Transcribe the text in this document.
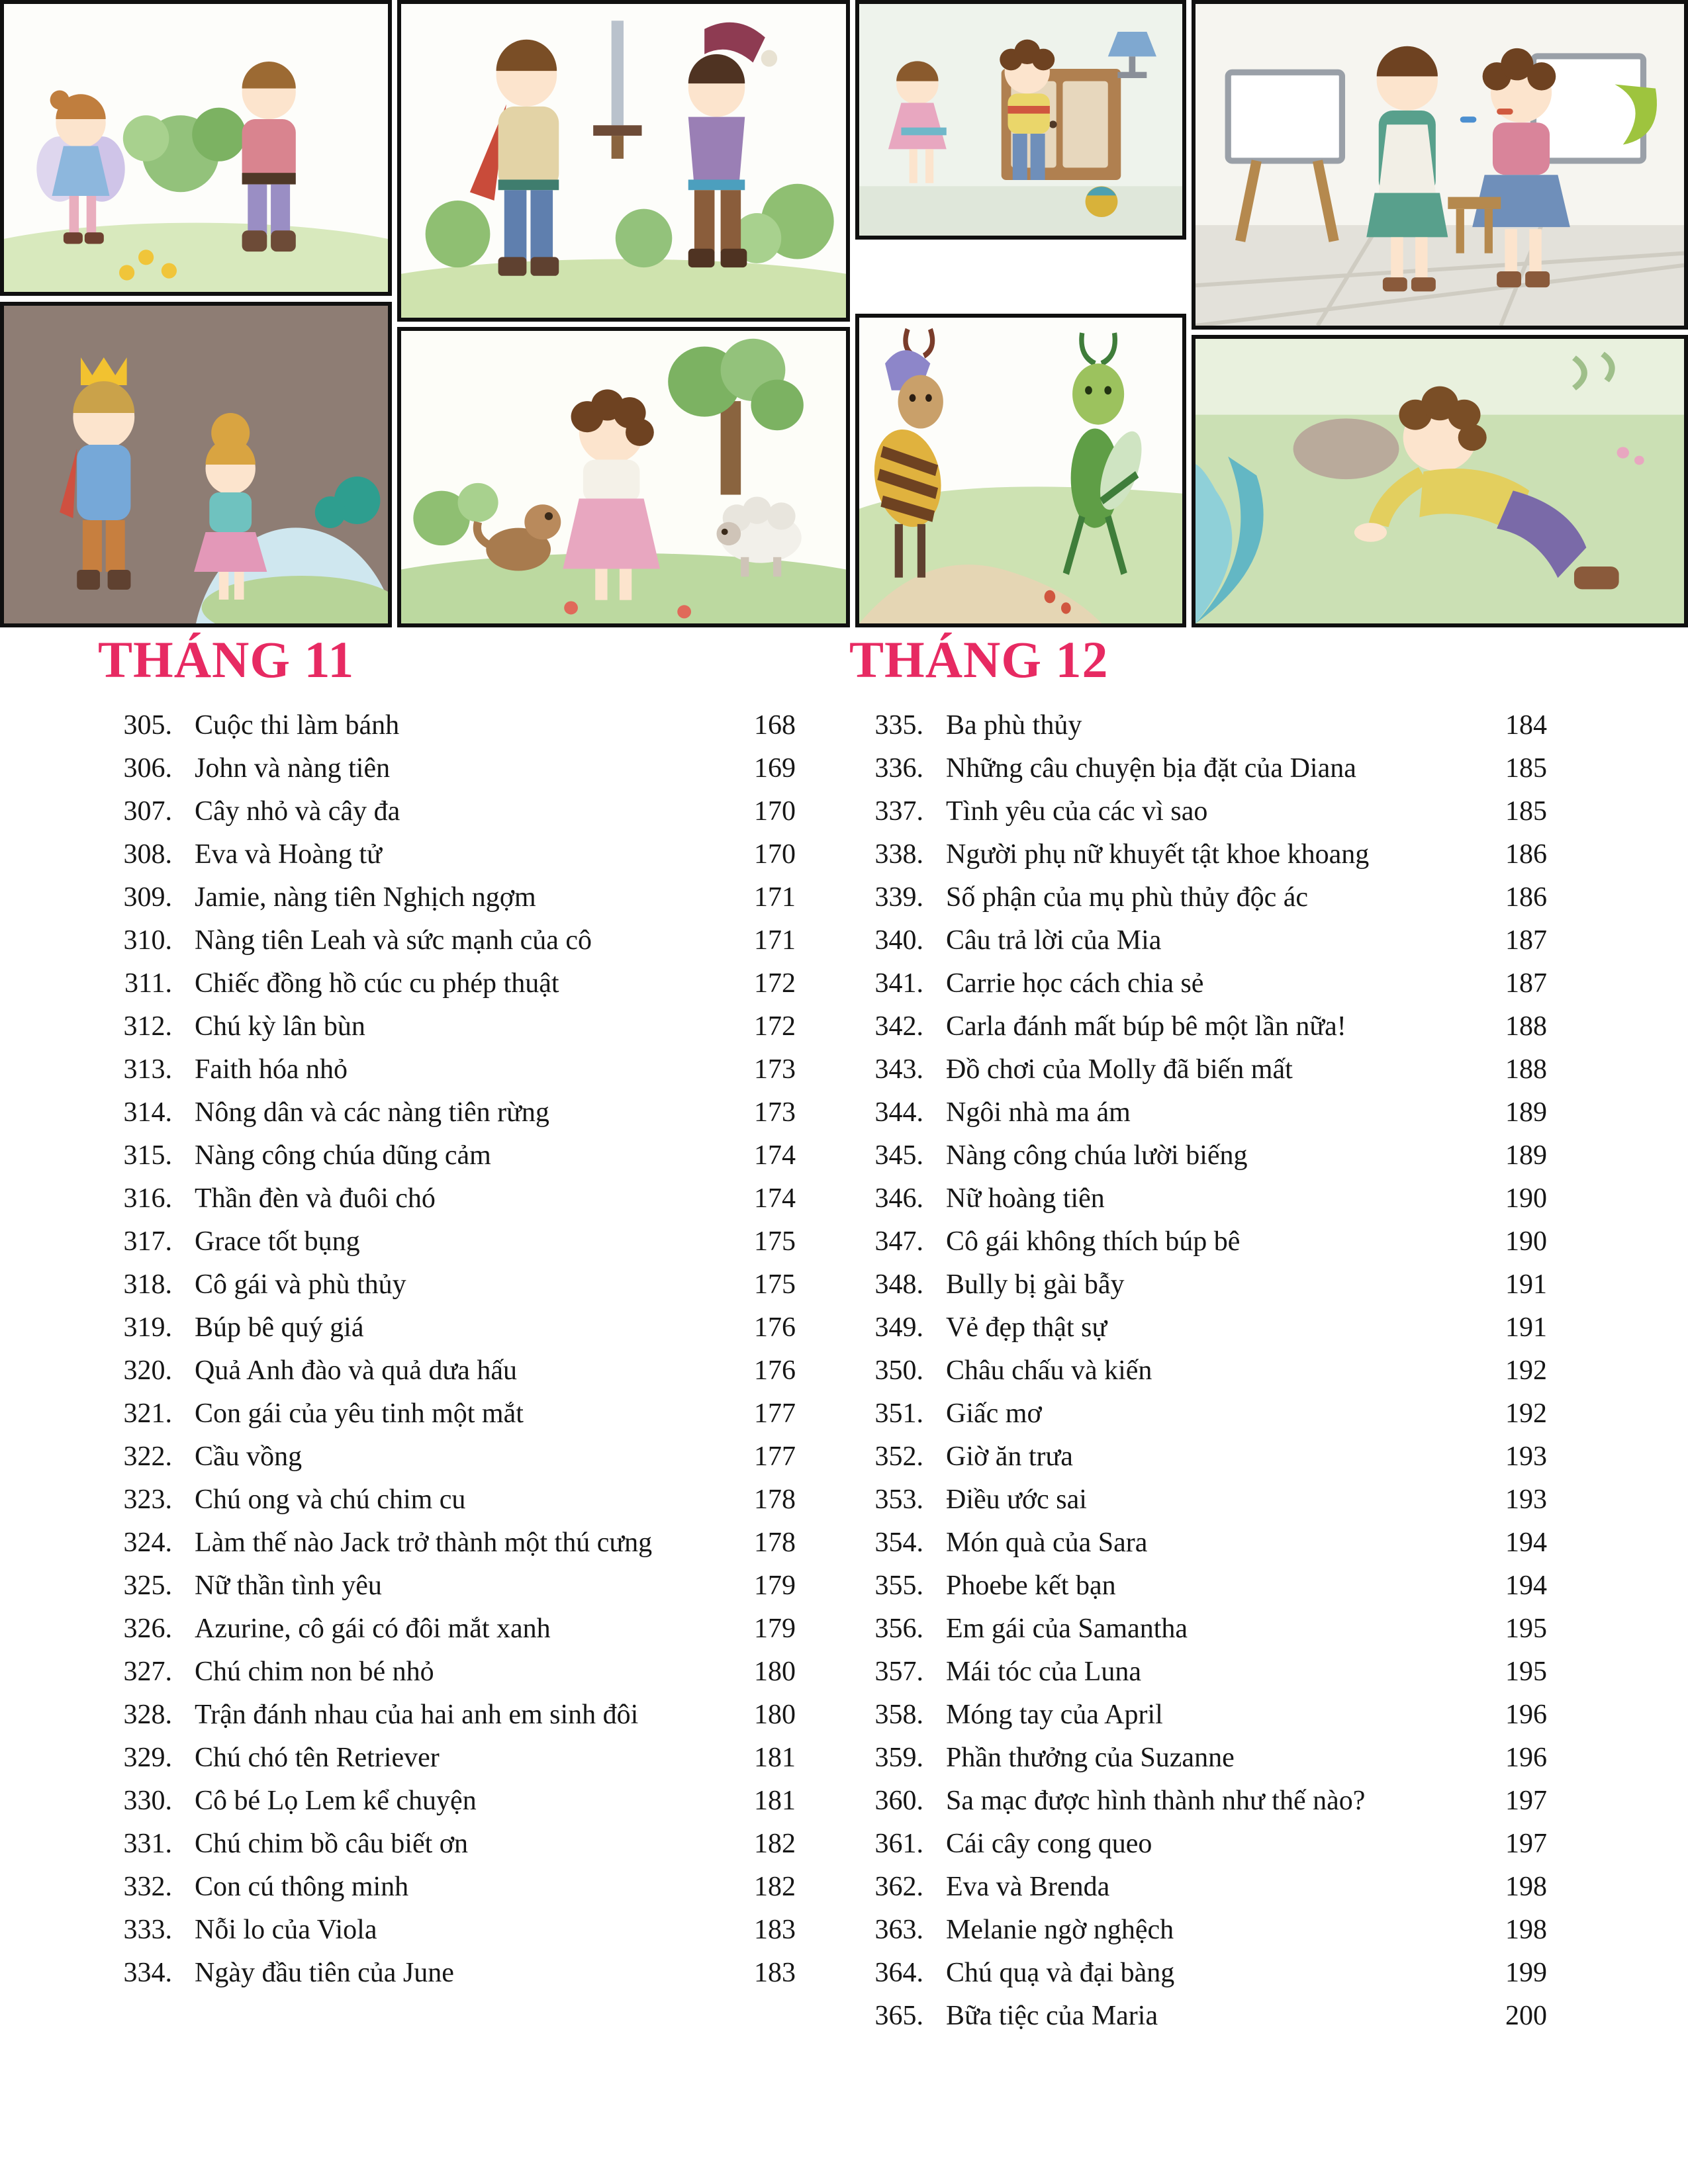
THÁNG 11
305. Cuộc thi làm bánh	168
306. John và nàng tiên	169
307. Cây nhỏ và cây đa	170
308. Eva và Hoàng tử	170
309. Jamie, nàng tiên Nghịch ngợm	171
310. Nàng tiên Leah và sức mạnh của cô	171
311. Chiếc đồng hồ cúc cu phép thuật	172
312. Chú kỳ lân bùn	172
313. Faith hóa nhỏ	173
314. Nông dân và các nàng tiên rừng	173
315. Nàng công chúa dũng cảm	174
316. Thần đèn và đuôi chó	174
317. Grace tốt bụng	175
318. Cô gái và phù thủy	175
319. Búp bê quý giá	176
320. Quả Anh đào và quả dưa hấu	176
321. Con gái của yêu tinh một mắt	177
322. Cầu vồng	177
323. Chú ong và chú chim cu	178
324. Làm thế nào Jack trở thành một thú cưng	178
325. Nữ thần tình yêu	179
326. Azurine, cô gái có đôi mắt xanh	179
327. Chú chim non bé nhỏ	180
328. Trận đánh nhau của hai anh em sinh đôi	180
329. Chú chó tên Retriever	181
330. Cô bé Lọ Lem kể chuyện	181
331. Chú chim bồ câu biết ơn	182
332. Con cú thông minh	182
333. Nỗi lo của Viola	183
334. Ngày đầu tiên của June	183
THÁNG 12
335. Ba phù thủy	184
336. Những câu chuyện bịa đặt của Diana	185
337. Tình yêu của các vì sao	185
338. Người phụ nữ khuyết tật khoe khoang	186
339. Số phận của mụ phù thủy độc ác	186
340. Câu trả lời của Mia	187
341. Carrie học cách chia sẻ	187
342. Carla đánh mất búp bê một lần nữa!	188
343. Đồ chơi của Molly đã biến mất	188
344. Ngôi nhà ma ám	189
345. Nàng công chúa lười biếng	189
346. Nữ hoàng tiên	190
347. Cô gái không thích búp bê	190
348. Bully bị gài bẫy	191
349. Vẻ đẹp thật sự	191
350. Châu chấu và kiến	192
351. Giấc mơ	192
352. Giờ ăn trưa	193
353. Điều ước sai	193
354. Món quà của Sara	194
355. Phoebe kết bạn	194
356. Em gái của Samantha	195
357. Mái tóc của Luna	195
358. Móng tay của April	196
359. Phần thưởng của Suzanne	196
360. Sa mạc được hình thành như thế nào?	197
361. Cái cây cong queo	197
362. Eva và Brenda	198
363. Melanie ngờ nghệch	198
364. Chú quạ và đại bàng	199
365. Bữa tiệc của Maria	200
